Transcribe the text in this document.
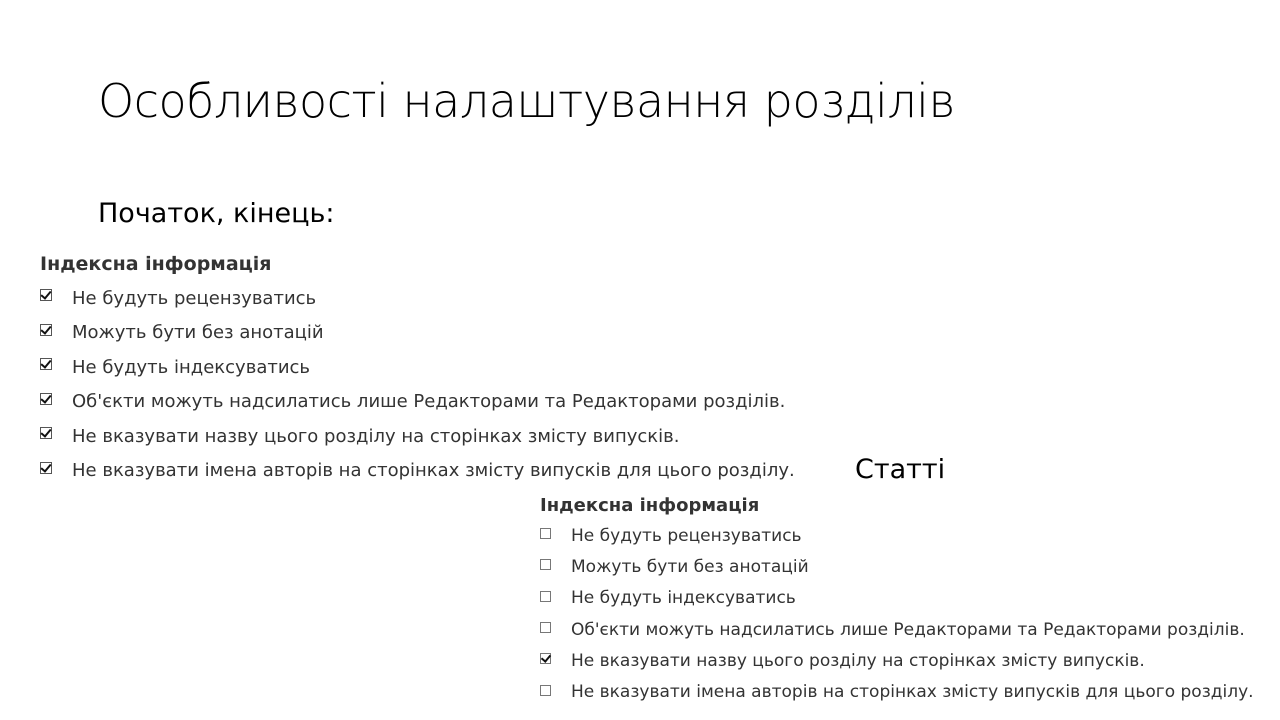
Особливості налаштування розділів
Початок, кінець:
Індексна інформація
Не будуть рецензуватись
Можуть бути без анотацій
Не будуть індексуватись
Об'єкти можуть надсилатись лише Редакторами та Редакторами розділів.
Не вказувати назву цього розділу на сторінках змісту випусків.
Не вказувати імена авторів на сторінках змісту випусків для цього розділу. Статті
Індексна інформація
Не будуть рецензуватись
Можуть бути без анотацій
Не будуть індексуватись
Об'єкти можуть надсилатись лише Редакторами та Редакторами розділів.
Не вказувати назву цього розділу на сторінках змісту випусків.
Не вказувати імена авторів на сторінках змісту випусків для цього розділу.
